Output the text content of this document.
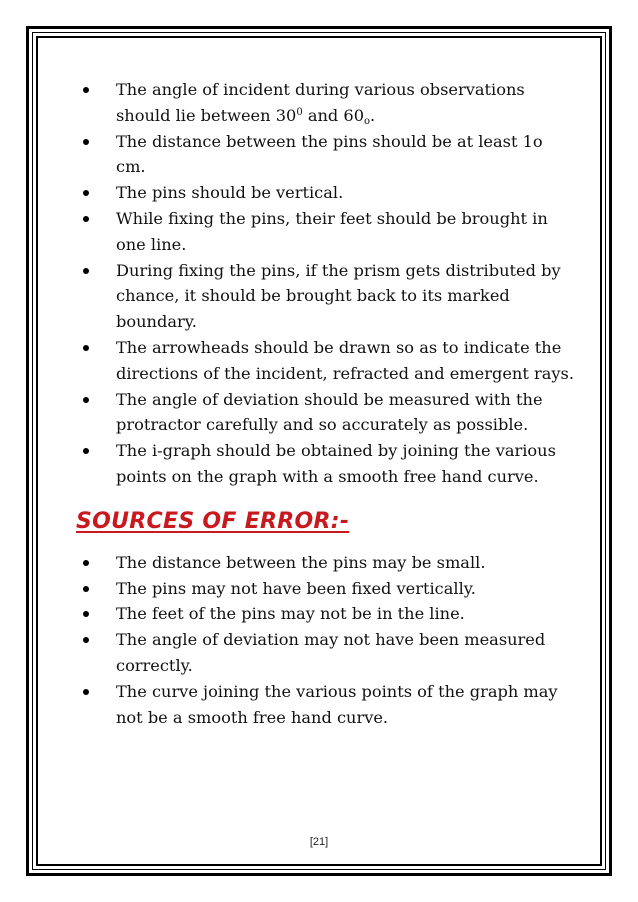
The angle of incident during various observations should lie between $30^0$ and $60_o$.
The distance between the pins should be at least 1o cm.
The pins should be vertical.
While fixing the pins, their feet should be brought in one line.
During fixing the pins, if the prism gets distributed by chance, it should be brought back to its marked boundary.
The arrowheads should be drawn so as to indicate the directions of the incident, refracted and emergent rays.
The angle of deviation should be measured with the protractor carefully and so accurately as possible.
The i-graph should be obtained by joining the various points on the graph with a smooth free hand curve.
SOURCES OF ERROR:-
The distance between the pins may be small.
The pins may not have been fixed vertically.
The feet of the pins may not be in the line.
The angle of deviation may not have been measured correctly.
The curve joining the various points of the graph may not be a smooth free hand curve.
[21]
